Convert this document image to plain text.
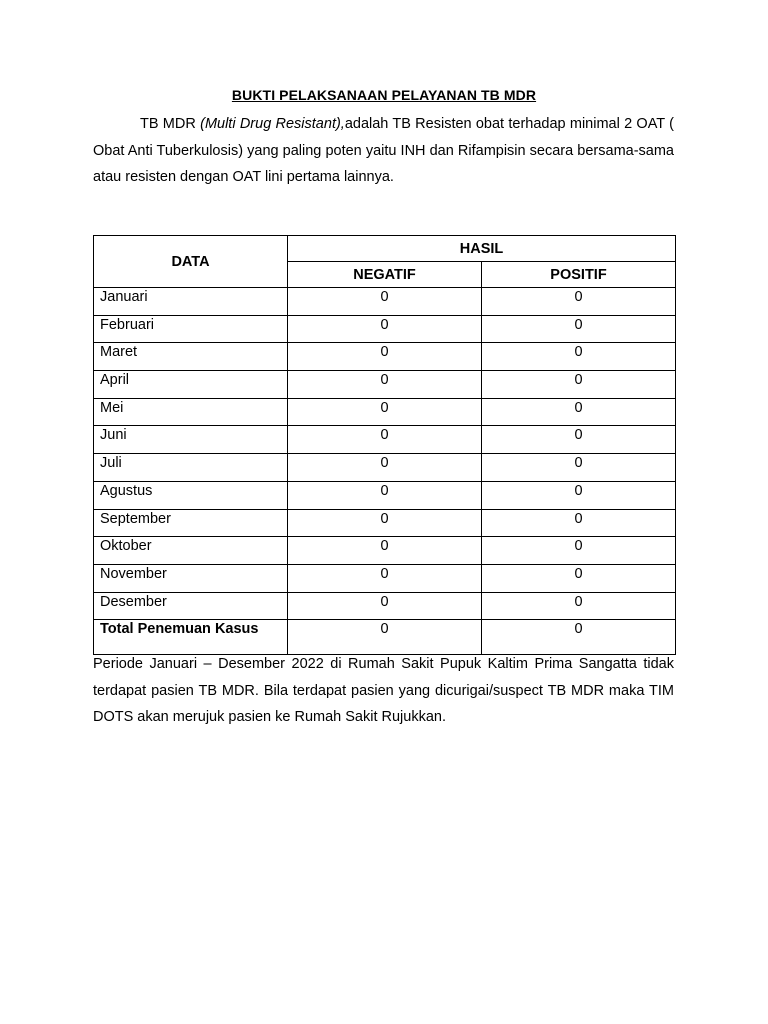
BUKTI PELAKSANAAN PELAYANAN TB MDR
TB MDR (Multi Drug Resistant),adalah TB Resisten obat terhadap minimal 2 OAT ( Obat Anti Tuberkulosis) yang paling poten yaitu INH dan Rifampisin secara bersama-sama atau resisten dengan OAT lini pertama lainnya.
DATA	HASIL	
	NEGATIF	POSITIF
Januari	0	0
Februari	0	0
Maret	0	0
April	0	0
Mei	0	0
Juni	0	0
Juli	0	0
Agustus	0	0
September	0	0
Oktober	0	0
November	0	0
Desember	0	0
Total Penemuan Kasus	0	0
Periode Januari – Desember 2022 di Rumah Sakit Pupuk Kaltim Prima Sangatta tidak terdapat pasien TB MDR. Bila terdapat pasien yang dicurigai/suspect TB MDR maka TIM DOTS akan merujuk pasien ke Rumah Sakit Rujukkan.
